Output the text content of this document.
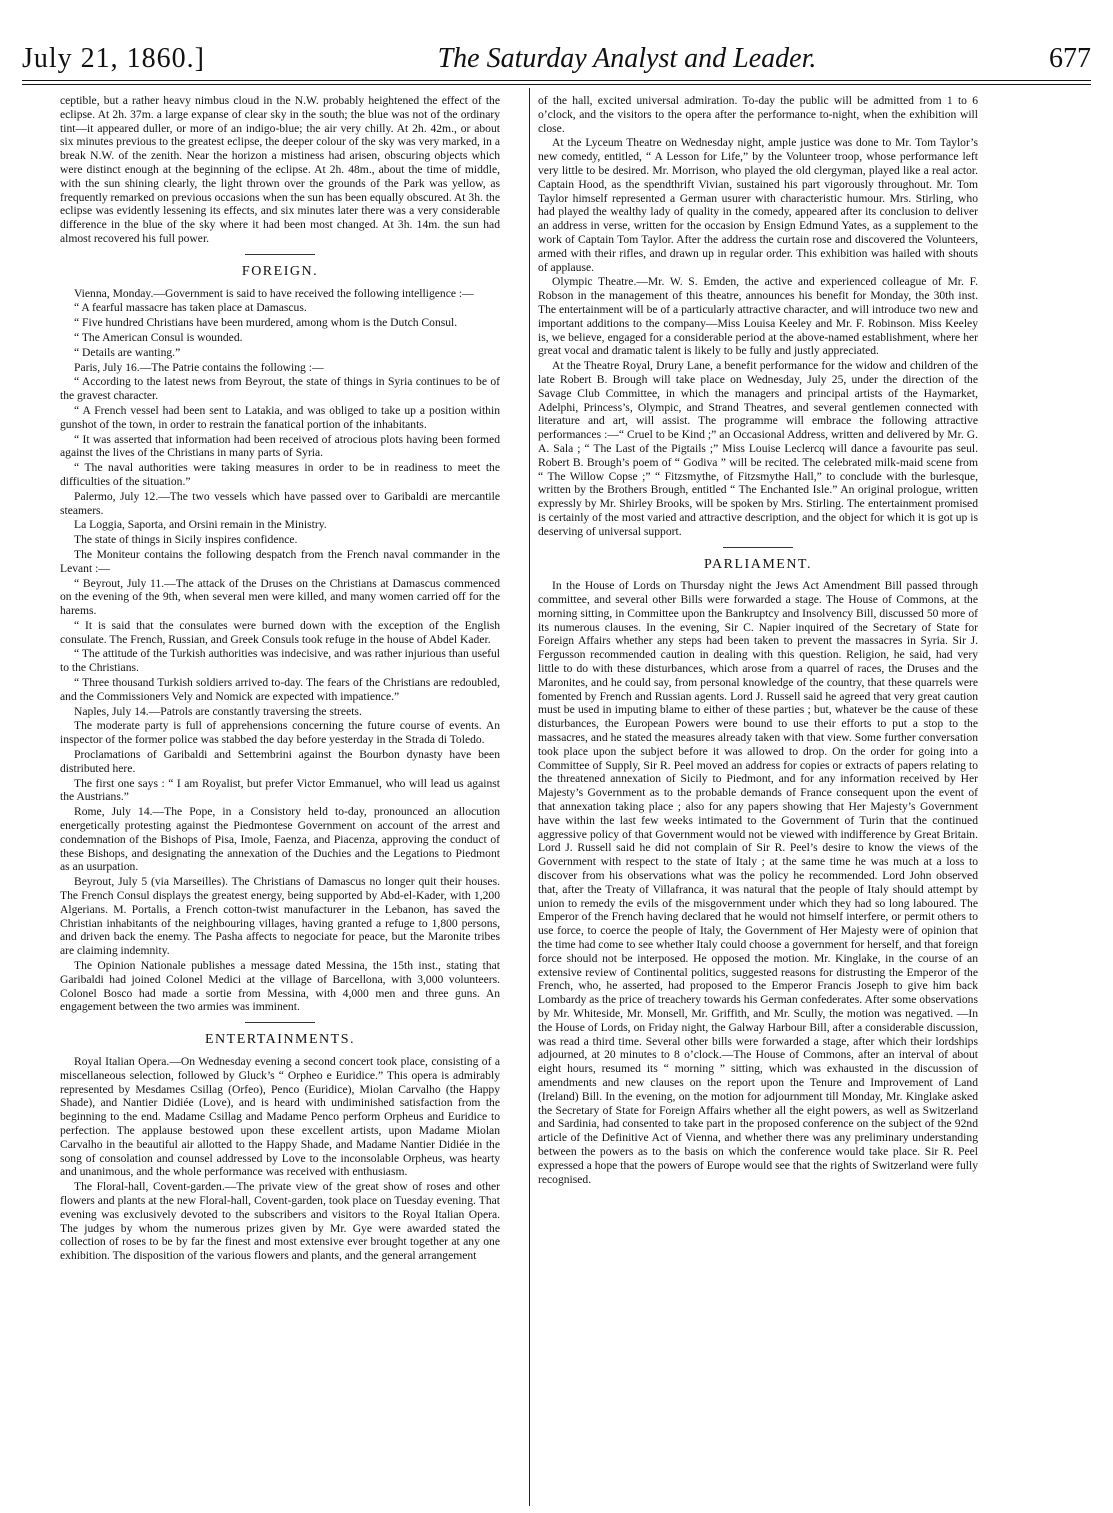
July 21, 1860.]	The Saturday Analyst and Leader.	677

ceptible, but a rather heavy nimbus cloud in the N.W. probably heightened the effect of the eclipse. At 2h. 37m. a large expanse of clear sky in the south; the blue was not of the ordinary tint—it appeared duller, or more of an indigo-blue; the air very chilly. At 2h. 42m., or about six minutes previous to the greatest eclipse, the deeper colour of the sky was very marked, in a break N.W. of the zenith. Near the horizon a mistiness had arisen, obscuring objects which were distinct enough at the beginning of the eclipse. At 2h. 48m., about the time of middle, with the sun shining clearly, the light thrown over the grounds of the Park was yellow, as frequently remarked on previous occasions when the sun has been equally obscured. At 3h. the eclipse was evidently lessening its effects, and six minutes later there was a very considerable difference in the blue of the sky where it had been most changed. At 3h. 14m. the sun had almost recovered his full power.

FOREIGN.

Vienna, Monday.—Government is said to have received the following intelligence :—

“ A fearful massacre has taken place at Damascus.

“ Five hundred Christians have been murdered, among whom is the Dutch Consul.

“ The American Consul is wounded.

“ Details are wanting.”

Paris, July 16.—The Patrie contains the following :—

“ According to the latest news from Beyrout, the state of things in Syria continues to be of the gravest character.

“ A French vessel had been sent to Latakia, and was obliged to take up a position within gunshot of the town, in order to restrain the fanatical portion of the inhabitants.

“ It was asserted that information had been received of atrocious plots having been formed against the lives of the Christians in many parts of Syria.

“ The naval authorities were taking measures in order to be in readiness to meet the difficulties of the situation.”

Palermo, July 12.—The two vessels which have passed over to Garibaldi are mercantile steamers.

La Loggia, Saporta, and Orsini remain in the Ministry.

The state of things in Sicily inspires confidence.

The Moniteur contains the following despatch from the French naval commander in the Levant :—

“ Beyrout, July 11.—The attack of the Druses on the Christians at Damascus commenced on the evening of the 9th, when several men were killed, and many women carried off for the harems.

“ It is said that the consulates were burned down with the exception of the English consulate. The French, Russian, and Greek Consuls took refuge in the house of Abdel Kader.

“ The attitude of the Turkish authorities was indecisive, and was rather injurious than useful to the Christians.

“ Three thousand Turkish soldiers arrived to-day. The fears of the Christians are redoubled, and the Commissioners Vely and Nomick are expected with impatience.”

Naples, July 14.—Patrols are constantly traversing the streets.

The moderate party is full of apprehensions concerning the future course of events. An inspector of the former police was stabbed the day before yesterday in the Strada di Toledo.

Proclamations of Garibaldi and Settembrini against the Bourbon dynasty have been distributed here.

The first one says : “ I am Royalist, but prefer Victor Emmanuel, who will lead us against the Austrians.”

Rome, July 14.—The Pope, in a Consistory held to-day, pronounced an allocution energetically protesting against the Piedmontese Government on account of the arrest and condemnation of the Bishops of Pisa, Imole, Faenza, and Piacenza, approving the conduct of these Bishops, and designating the annexation of the Duchies and the Legations to Piedmont as an usurpation.

Beyrout, July 5 (via Marseilles). The Christians of Damascus no longer quit their houses. The French Consul displays the greatest energy, being supported by Abd-el-Kader, with 1,200 Algerians. M. Portalis, a French cotton-twist manufacturer in the Lebanon, has saved the Christian inhabitants of the neighbouring villages, having granted a refuge to 1,800 persons, and driven back the enemy. The Pasha affects to negociate for peace, but the Maronite tribes are claiming indemnity.

The Opinion Nationale publishes a message dated Messina, the 15th inst., stating that Garibaldi had joined Colonel Medici at the village of Barcellona, with 3,000 volunteers. Colonel Bosco had made a sortie from Messina, with 4,000 men and three guns. An engagement between the two armies was imminent.

ENTERTAINMENTS.

Royal Italian Opera.—On Wednesday evening a second concert took place, consisting of a miscellaneous selection, followed by Gluck’s “ Orpheo e Euridice.” This opera is admirably represented by Mesdames Csillag (Orfeo), Penco (Euridice), Miolan Carvalho (the Happy Shade), and Nantier Didiée (Love), and is heard with undiminished satisfaction from the beginning to the end. Madame Csillag and Madame Penco perform Orpheus and Euridice to perfection. The applause bestowed upon these excellent artists, upon Madame Miolan Carvalho in the beautiful air allotted to the Happy Shade, and Madame Nantier Didiée in the song of consolation and counsel addressed by Love to the inconsolable Orpheus, was hearty and unanimous, and the whole performance was received with enthusiasm.

The Floral-hall, Covent-garden.—The private view of the great show of roses and other flowers and plants at the new Floral-hall, Covent-garden, took place on Tuesday evening. That evening was exclusively devoted to the subscribers and visitors to the Royal Italian Opera. The judges by whom the numerous prizes given by Mr. Gye were awarded stated the collection of roses to be by far the finest and most extensive ever brought together at any one exhibition. The disposition of the various flowers and plants, and the general arrangement

of the hall, excited universal admiration. To-day the public will be admitted from 1 to 6 o’clock, and the visitors to the opera after the performance to-night, when the exhibition will close.

At the Lyceum Theatre on Wednesday night, ample justice was done to Mr. Tom Taylor’s new comedy, entitled, “ A Lesson for Life,” by the Volunteer troop, whose performance left very little to be desired. Mr. Morrison, who played the old clergyman, played like a real actor. Captain Hood, as the spendthrift Vivian, sustained his part vigorously throughout. Mr. Tom Taylor himself represented a German usurer with characteristic humour. Mrs. Stirling, who had played the wealthy lady of quality in the comedy, appeared after its conclusion to deliver an address in verse, written for the occasion by Ensign Edmund Yates, as a supplement to the work of Captain Tom Taylor. After the address the curtain rose and discovered the Volunteers, armed with their rifles, and drawn up in regular order. This exhibition was hailed with shouts of applause.

Olympic Theatre.—Mr. W. S. Emden, the active and experienced colleague of Mr. F. Robson in the management of this theatre, announces his benefit for Monday, the 30th inst. The entertainment will be of a particularly attractive character, and will introduce two new and important additions to the company—Miss Louisa Keeley and Mr. F. Robinson. Miss Keeley is, we believe, engaged for a considerable period at the above-named establishment, where her great vocal and dramatic talent is likely to be fully and justly appreciated.

At the Theatre Royal, Drury Lane, a benefit performance for the widow and children of the late Robert B. Brough will take place on Wednesday, July 25, under the direction of the Savage Club Committee, in which the managers and principal artists of the Haymarket, Adelphi, Princess’s, Olympic, and Strand Theatres, and several gentlemen connected with literature and art, will assist. The programme will embrace the following attractive performances :—“ Cruel to be Kind ;” an Occasional Address, written and delivered by Mr. G. A. Sala ; “ The Last of the Pigtails ;” Miss Louise Leclercq will dance a favourite pas seul. Robert B. Brough’s poem of “ Godiva ” will be recited. The celebrated milk-maid scene from “ The Willow Copse ;” “ Fitzsmythe, of Fitzsmythe Hall,” to conclude with the burlesque, written by the Brothers Brough, entitled “ The Enchanted Isle.” An original prologue, written expressly by Mr. Shirley Brooks, will be spoken by Mrs. Stirling. The entertainment promised is certainly of the most varied and attractive description, and the object for which it is got up is deserving of universal support.

PARLIAMENT.

In the House of Lords on Thursday night the Jews Act Amendment Bill passed through committee, and several other Bills were forwarded a stage. The House of Commons, at the morning sitting, in Committee upon the Bankruptcy and Insolvency Bill, discussed 50 more of its numerous clauses. In the evening, Sir C. Napier inquired of the Secretary of State for Foreign Affairs whether any steps had been taken to prevent the massacres in Syria. Sir J. Fergusson recommended caution in dealing with this question. Religion, he said, had very little to do with these disturbances, which arose from a quarrel of races, the Druses and the Maronites, and he could say, from personal knowledge of the country, that these quarrels were fomented by French and Russian agents. Lord J. Russell said he agreed that very great caution must be used in imputing blame to either of these parties ; but, whatever be the cause of these disturbances, the European Powers were bound to use their efforts to put a stop to the massacres, and he stated the measures already taken with that view. Some further conversation took place upon the subject before it was allowed to drop. On the order for going into a Committee of Supply, Sir R. Peel moved an address for copies or extracts of papers relating to the threatened annexation of Sicily to Piedmont, and for any information received by Her Majesty’s Government as to the probable demands of France consequent upon the event of that annexation taking place ; also for any papers showing that Her Majesty’s Government have within the last few weeks intimated to the Government of Turin that the continued aggressive policy of that Government would not be viewed with indifference by Great Britain. Lord J. Russell said he did not complain of Sir R. Peel’s desire to know the views of the Government with respect to the state of Italy ; at the same time he was much at a loss to discover from his observations what was the policy he recommended. Lord John observed that, after the Treaty of Villafranca, it was natural that the people of Italy should attempt by union to remedy the evils of the misgovernment under which they had so long laboured. The Emperor of the French having declared that he would not himself interfere, or permit others to use force, to coerce the people of Italy, the Government of Her Majesty were of opinion that the time had come to see whether Italy could choose a government for herself, and that foreign force should not be interposed. He opposed the motion. Mr. Kinglake, in the course of an extensive review of Continental politics, suggested reasons for distrusting the Emperor of the French, who, he asserted, had proposed to the Emperor Francis Joseph to give him back Lombardy as the price of treachery towards his German confederates. After some observations by Mr. Whiteside, Mr. Monsell, Mr. Griffith, and Mr. Scully, the motion was negatived. —In the House of Lords, on Friday night, the Galway Harbour Bill, after a considerable discussion, was read a third time. Several other bills were forwarded a stage, after which their lordships adjourned, at 20 minutes to 8 o’clock.—The House of Commons, after an interval of about eight hours, resumed its “ morning ” sitting, which was exhausted in the discussion of amendments and new clauses on the report upon the Tenure and Improvement of Land (Ireland) Bill. In the evening, on the motion for adjournment till Monday, Mr. Kinglake asked the Secretary of State for Foreign Affairs whether all the eight powers, as well as Switzerland and Sardinia, had consented to take part in the proposed conference on the subject of the 92nd article of the Definitive Act of Vienna, and whether there was any preliminary understanding between the powers as to the basis on which the conference would take place. Sir R. Peel expressed a hope that the powers of Europe would see that the rights of Switzerland were fully recognised.
